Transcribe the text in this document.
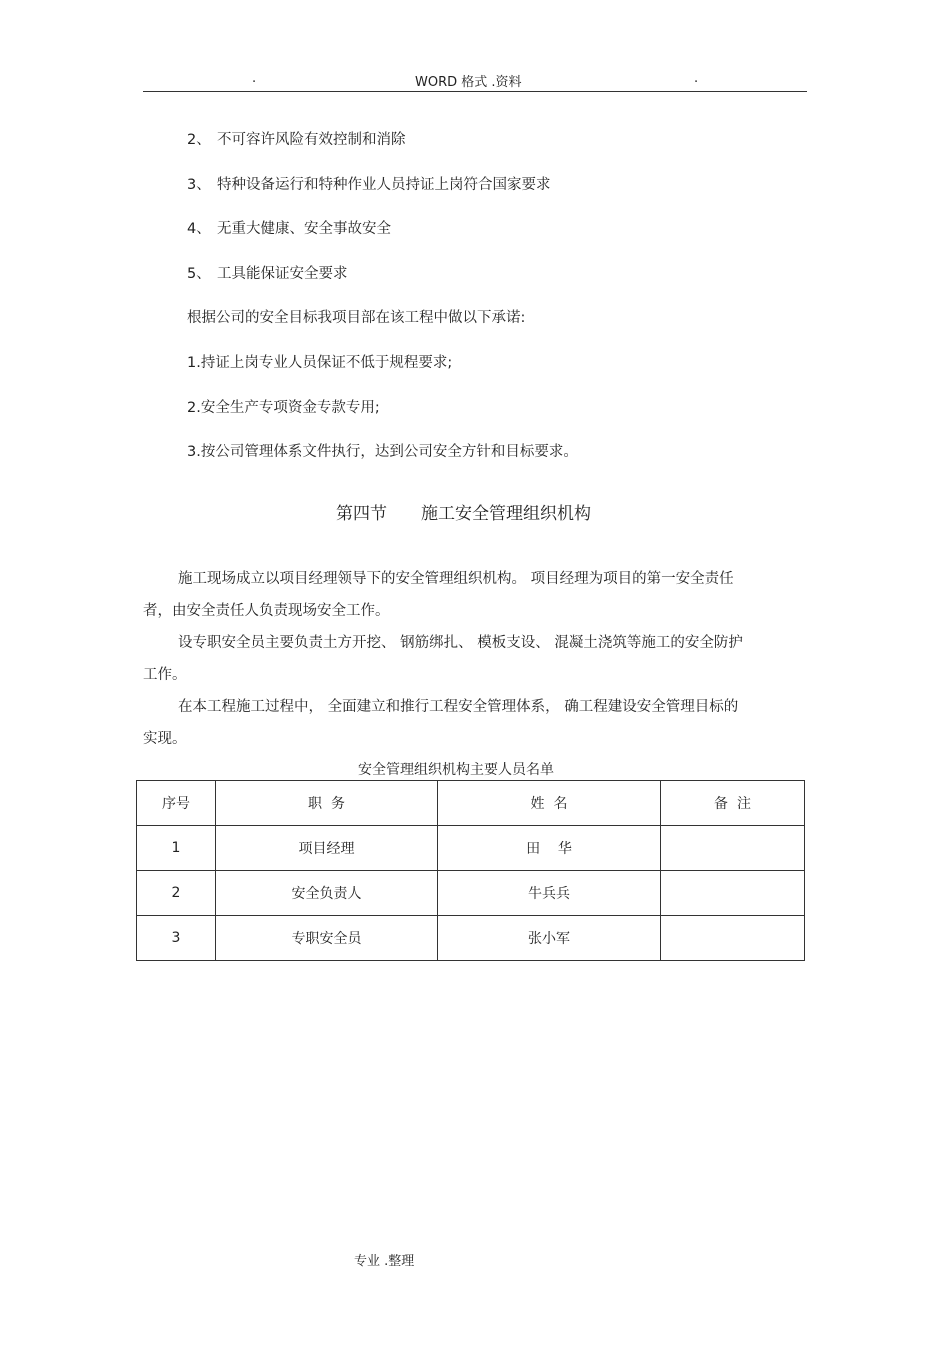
.	WORD 格式 .资料	.
2、 不可容许风险有效控制和消除
3、 特种设备运行和特种作业人员持证上岗符合国家要求
4、 无重大健康、安全事故安全
5、 工具能保证安全要求
根据公司的安全目标我项目部在该工程中做以下承诺:
1.持证上岗专业人员保证不低于规程要求;
2.安全生产专项资金专款专用;
3.按公司管理体系文件执行，达到公司安全方针和目标要求。
第四节 施工安全管理组织机构
施工现场成立以项目经理领导下的安全管理组织机构。 项目经理为项目的第一安全责任
者，由安全责任人负责现场安全工作。
设专职安全员主要负责土方开挖、 钢筋绑扎、 模板支设、 混凝土浇筑等施工的安全防护
工作。
在本工程施工过程中， 全面建立和推行工程安全管理体系， 确工程建设安全管理目标的
实现。
安全管理组织机构主要人员名单
序号	职  务	姓  名	备  注
1	项目经理	田    华	
2	安全负责人	牛兵兵	
3	专职安全员	张小军	
专业 .整理
